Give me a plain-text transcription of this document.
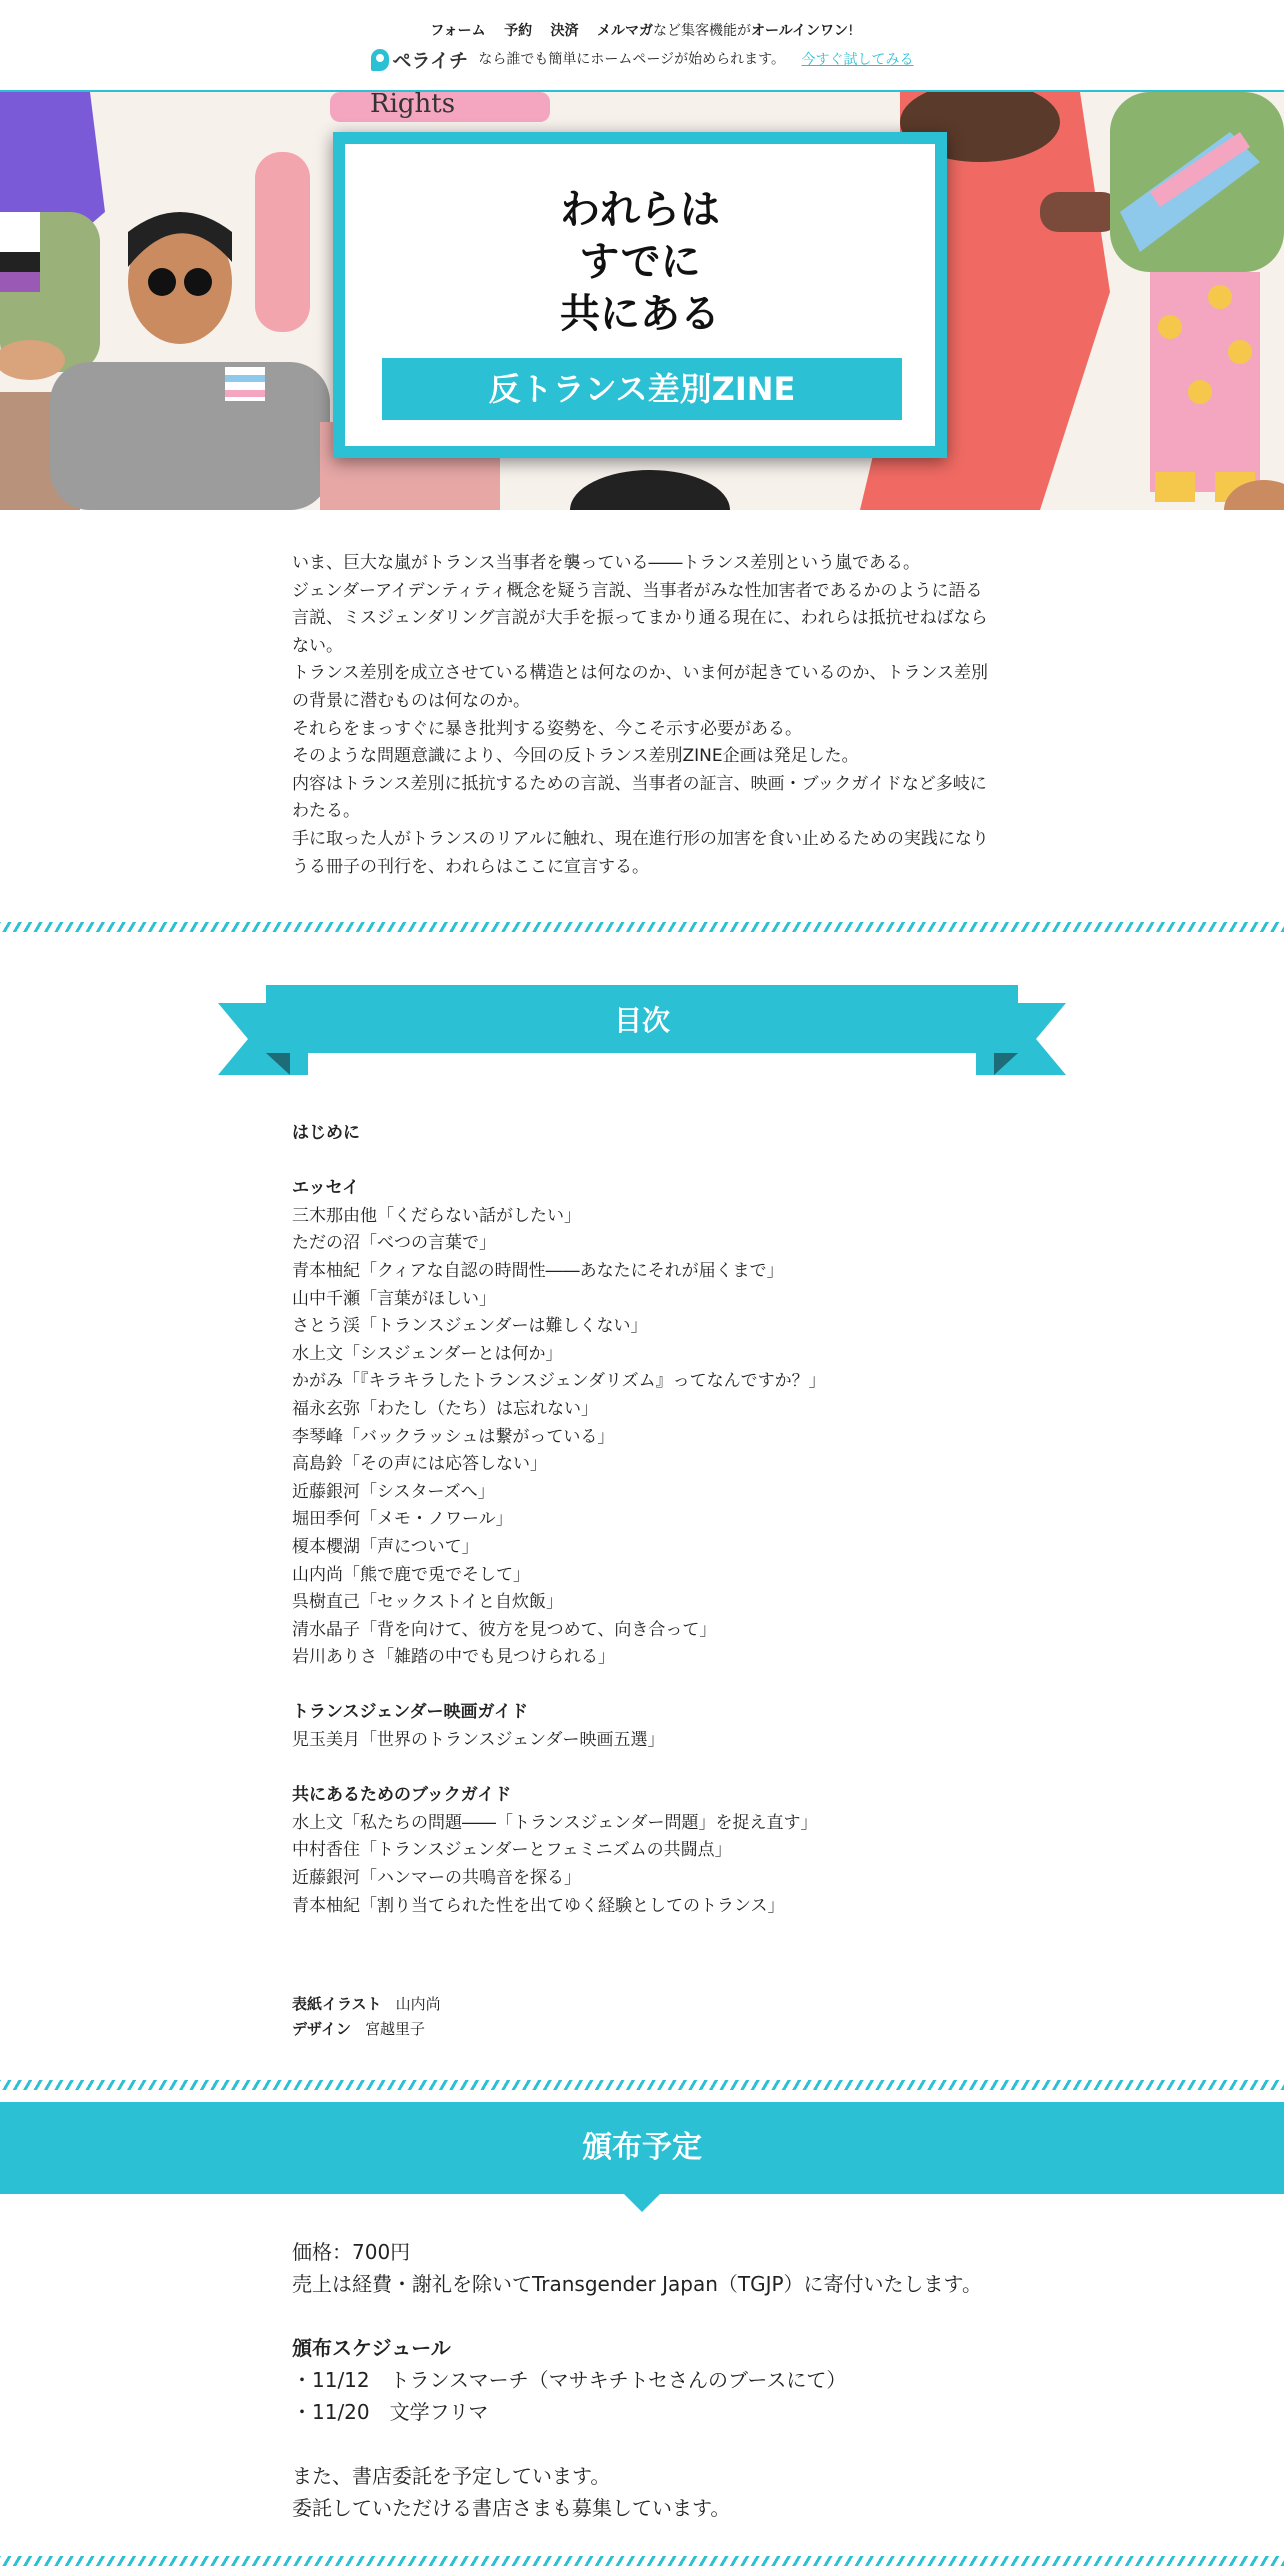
フォーム 予約 決済 メルマガなど集客機能がオールインワン!
ペライチ なら誰でも簡単にホームページが始められます。 今すぐ試してみる
Rights
われらは
すでに
共にある
反トランス差別ZINE

いま、巨大な嵐がトランス当事者を襲っている――トランス差別という嵐である。

ジェンダーアイデンティティ概念を疑う言説、当事者がみな性加害者であるかのように語る言説、ミスジェンダリング言説が大手を振ってまかり通る現在に、われらは抵抗せねばならない。

トランス差別を成立させている構造とは何なのか、いま何が起きているのか、トランス差別の背景に潜むものは何なのか。

それらをまっすぐに暴き批判する姿勢を、今こそ示す必要がある。

そのような問題意識により、今回の反トランス差別ZINE企画は発足した。

内容はトランス差別に抵抗するための言説、当事者の証言、映画・ブックガイドなど多岐にわたる。

手に取った人がトランスのリアルに触れ、現在進行形の加害を食い止めるための実践になりうる冊子の刊行を、われらはここに宣言する。

目次
はじめに
エッセイ
三木那由他「くだらない話がしたい」
ただの沼「べつの言葉で」
青本柚紀「クィアな自認の時間性――あなたにそれが届くまで」
山中千瀬「言葉がほしい」
さとう渓「トランスジェンダーは難しくない」
水上文「シスジェンダーとは何か」
かがみ「『キラキラしたトランスジェンダリズム』ってなんですか？」
福永玄弥「わたし（たち）は忘れない」
李琴峰「バックラッシュは繋がっている」
高島鈴「その声には応答しない」
近藤銀河「シスターズへ」
堀田季何「メモ・ノワール」
榎本櫻湖「声について」
山内尚「熊で鹿で兎でそして」
呉樹直己「セックストイと自炊飯」
清水晶子「背を向けて、彼方を見つめて、向き合って」
岩川ありさ「雑踏の中でも見つけられる」
トランスジェンダー映画ガイド
児玉美月「世界のトランスジェンダー映画五選」
共にあるためのブックガイド
水上文「私たちの問題――「トランスジェンダー問題」を捉え直す」
中村香住「トランスジェンダーとフェミニズムの共闘点」
近藤銀河「ハンマーの共鳴音を探る」
青本柚紀「割り当てられた性を出てゆく経験としてのトランス」
表紙イラスト 山内尚
デザイン 宮越里子
頒布予定

価格：700円

売上は経費・謝礼を除いてTransgender Japan（TGJP）に寄付いたします。

頒布スケジュール

・11/12　トランスマーチ（マサキチトセさんのブースにて）

・11/20　文学フリマ

また、書店委託を予定しています。

委託していただける書店さまも募集しています。
